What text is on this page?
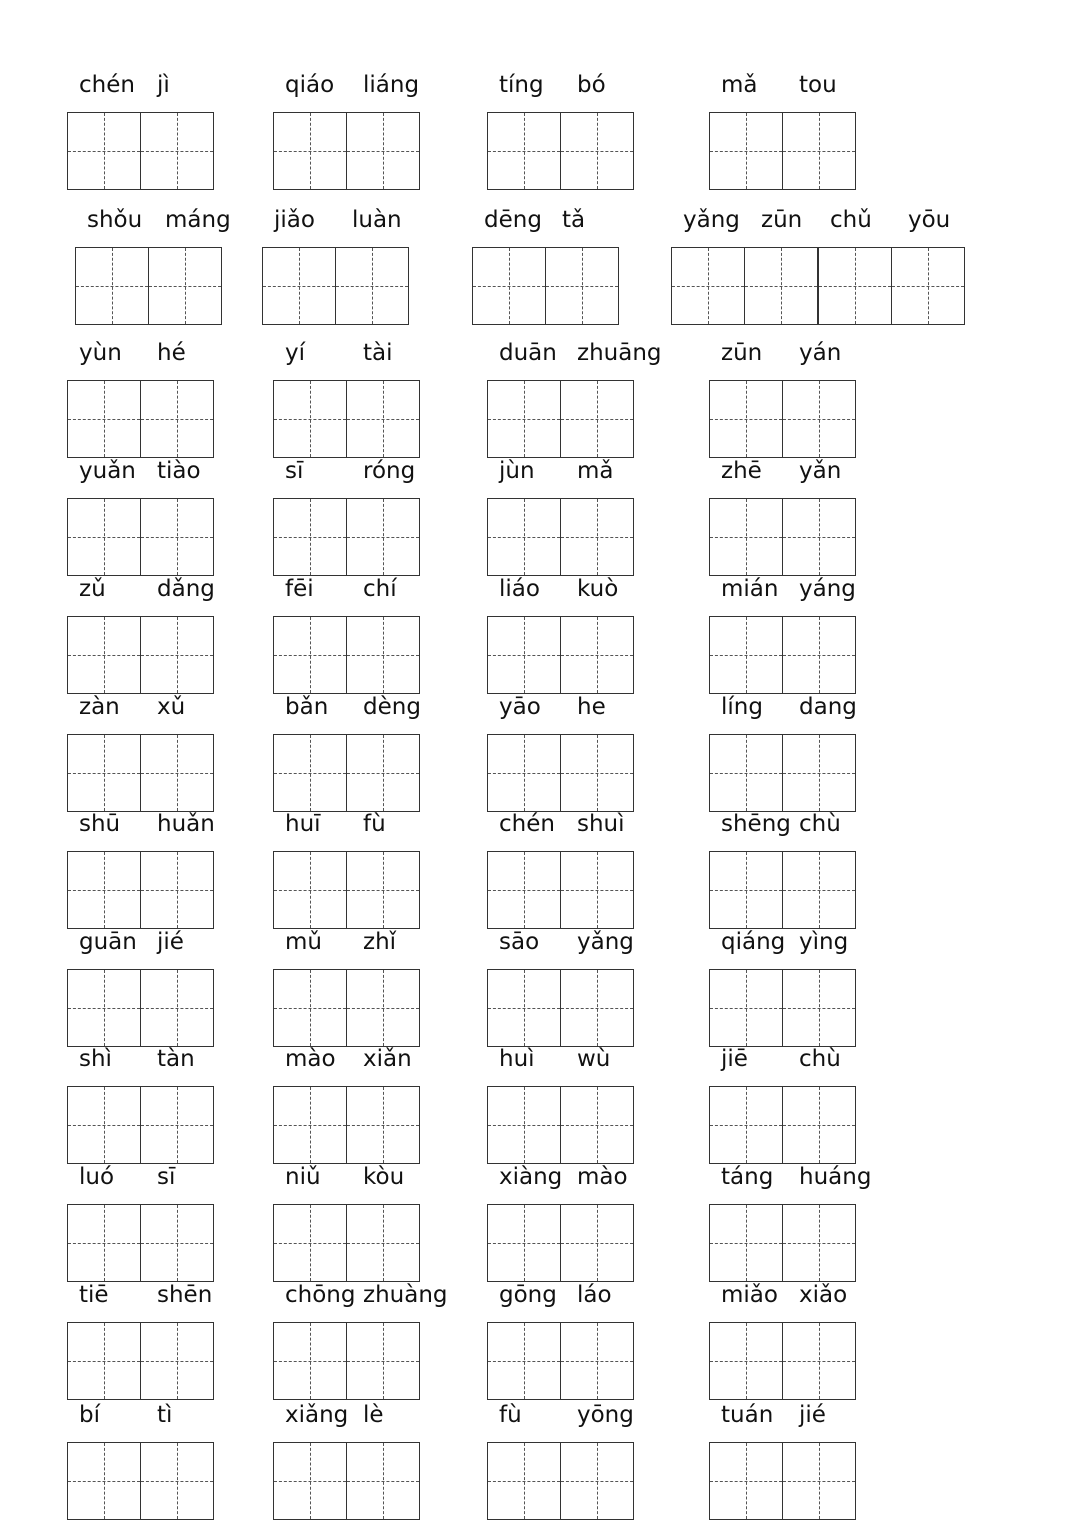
chén jì	qiáo liáng	tíng bó	mǎ tou
shǒu máng jiǎo luàn	dēng tǎ	yǎng zūn chǔ yōu
yùn hé	yí	tài	duān zhuāng	zūn yán
yuǎn tiào	sī	róng	jùn mǎ	zhē yǎn
zǔ dǎng	fēi chí	liáo kuò	mián yáng
zàn xǔ	bǎn dèng	yāo he	líng dang
shū huǎn	huī fù	chén shuì	shēng chù
guān jié	mǔ zhǐ	sāo yǎng	qiáng yìng
shì tàn	mào xiǎn	huì wù	jiē chù
luó sī	niǔ kòu	xiàng mào	táng huáng
tiē shēn	chōng zhuàng gōng láo	miǎo xiǎo
bí tì	xiǎng lè	fù yōng	tuán jié
